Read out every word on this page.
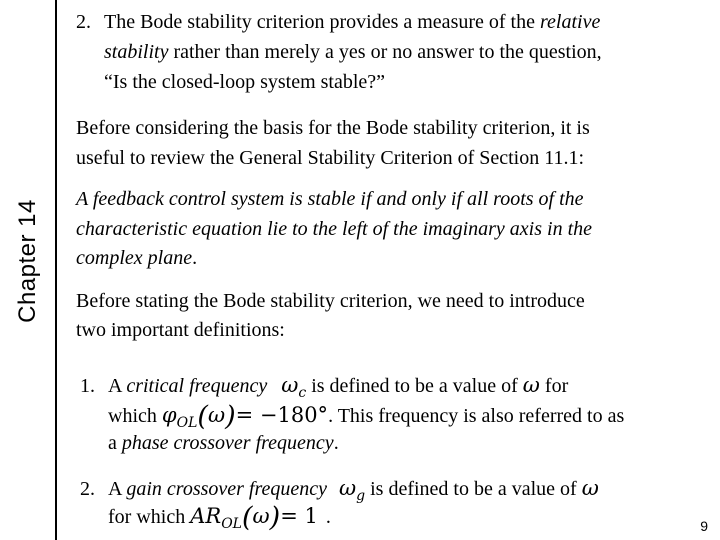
Chapter 14
2. The Bode stability criterion provides a measure of the relative
stability rather than merely a yes or no answer to the question,
“Is the closed-loop system stable?”
Before considering the basis for the Bode stability criterion, it is
useful to review the General Stability Criterion of Section 11.1:
A feedback control system is stable if and only if all roots of the
characteristic equation lie to the left of the imaginary axis in the
complex plane.
Before stating the Bode stability criterion, we need to introduce
two important definitions:
1. A critical frequency $\omega_c$ is defined to be a value of ω for
which $\varphi_{OL}(\omega)= -180^\circ$. This frequency is also referred to as
a phase crossover frequency.
2. A gain crossover frequency $\omega_g$ is defined to be a value of ω
for which $AR_{OL}(\omega)= 1$ .	9
